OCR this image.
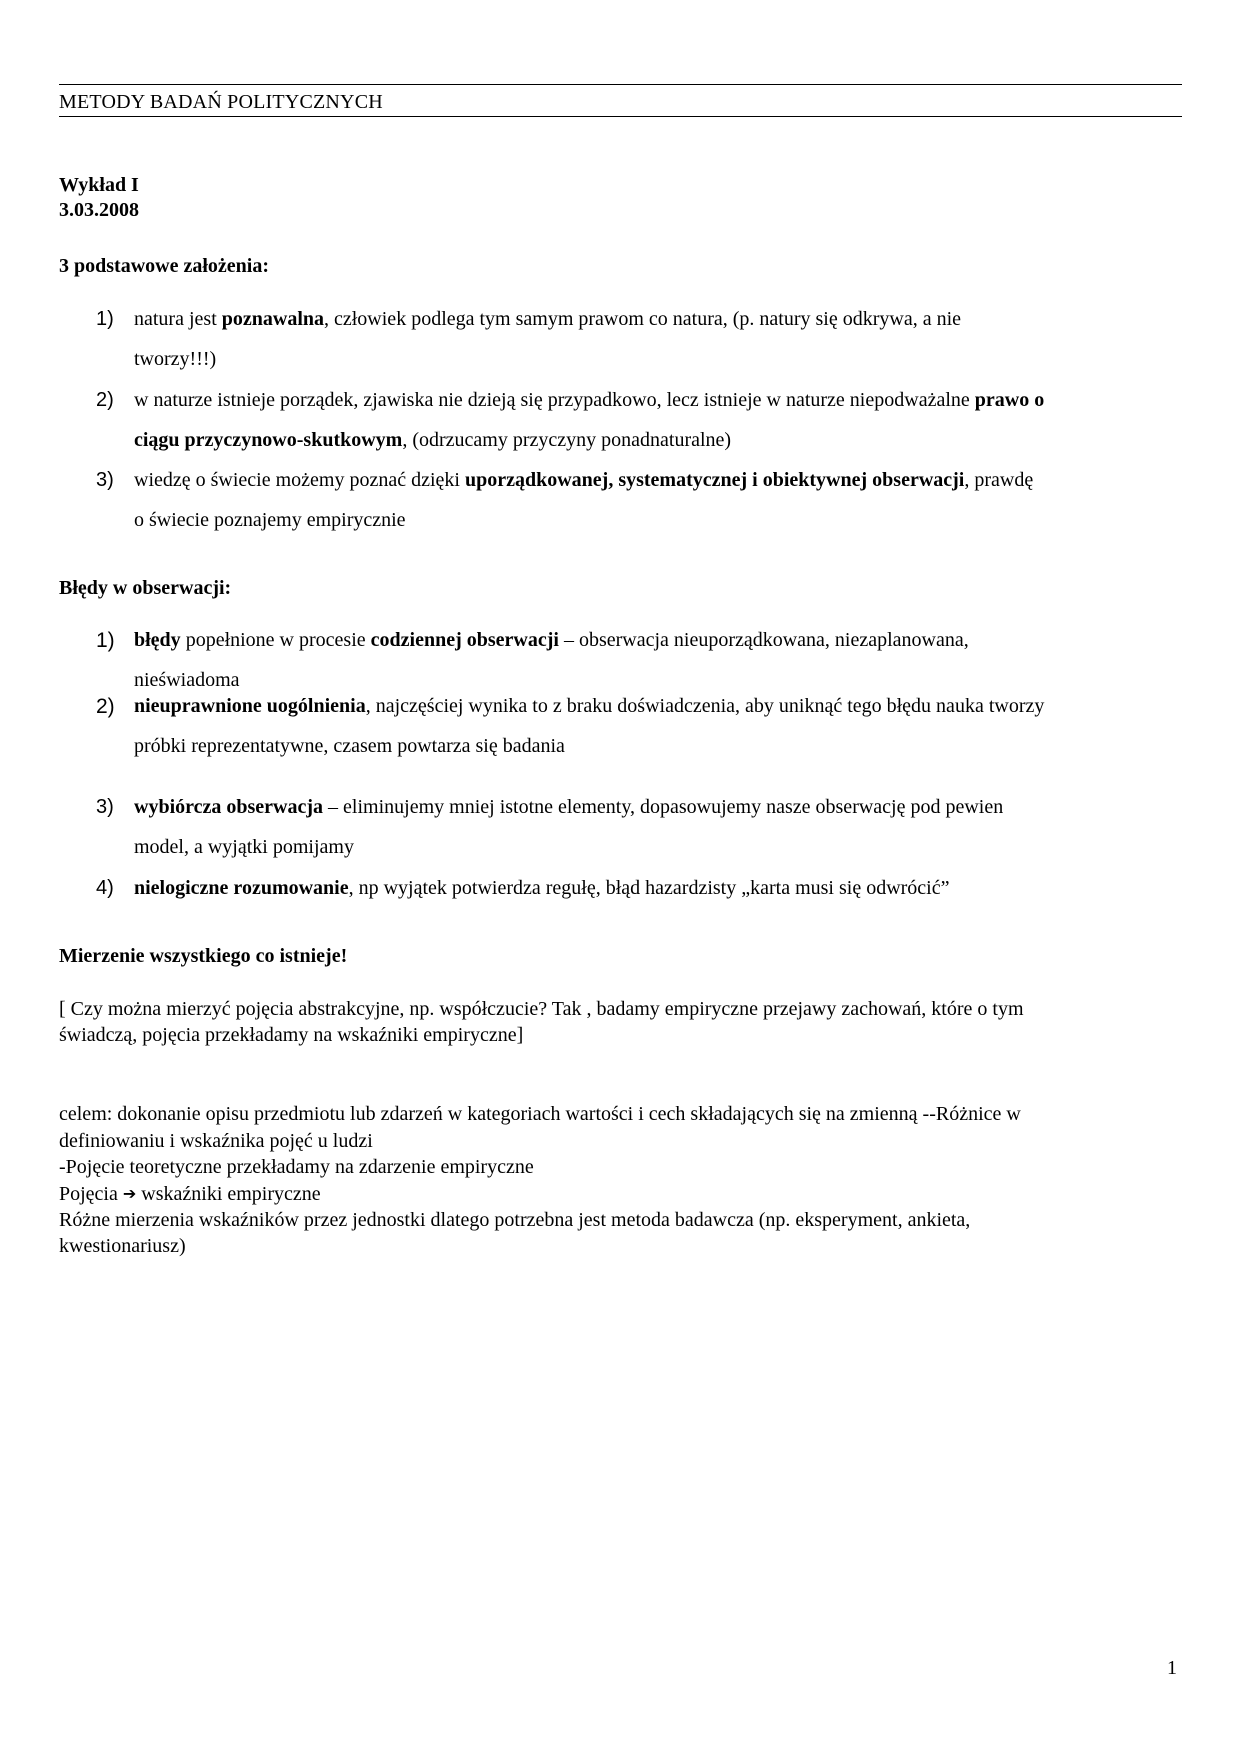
METODY BADAŃ POLITYCZNYCH
Wykład I
3.03.2008
3 podstawowe założenia:
1) natura jest poznawalna, człowiek podlega tym samym prawom co natura, (p. natury się odkrywa, a nie
tworzy!!!)
2) w naturze istnieje porządek, zjawiska nie dzieją się przypadkowo, lecz istnieje w naturze niepodważalne prawo o
ciągu przyczynowo-skutkowym, (odrzucamy przyczyny ponadnaturalne)
3) wiedzę o świecie możemy poznać dzięki uporządkowanej, systematycznej i obiektywnej obserwacji, prawdę
o świecie poznajemy empirycznie
Błędy w obserwacji:
1) błędy popełnione w procesie codziennej obserwacji – obserwacja nieuporządkowana, niezaplanowana,
nieświadoma
2) nieuprawnione uogólnienia, najczęściej wynika to z braku doświadczenia, aby uniknąć tego błędu nauka tworzy
próbki reprezentatywne, czasem powtarza się badania
3) wybiórcza obserwacja – eliminujemy mniej istotne elementy, dopasowujemy nasze obserwację pod pewien
model, a wyjątki pomijamy
4) nielogiczne rozumowanie, np wyjątek potwierdza regułę, błąd hazardzisty „karta musi się odwrócić”
Mierzenie wszystkiego co istnieje!
[ Czy można mierzyć pojęcia abstrakcyjne, np. współczucie? Tak , badamy empiryczne przejawy zachowań, które o tym
świadczą, pojęcia przekładamy na wskaźniki empiryczne]
celem: dokonanie opisu przedmiotu lub zdarzeń w kategoriach wartości i cech składających się na zmienną --Różnice w
definiowaniu i wskaźnika pojęć u ludzi
-Pojęcie teoretyczne przekładamy na zdarzenie empiryczne
Pojęcia ➔ wskaźniki empiryczne
Różne mierzenia wskaźników przez jednostki dlatego potrzebna jest metoda badawcza (np. eksperyment, ankieta,
kwestionariusz)
1
